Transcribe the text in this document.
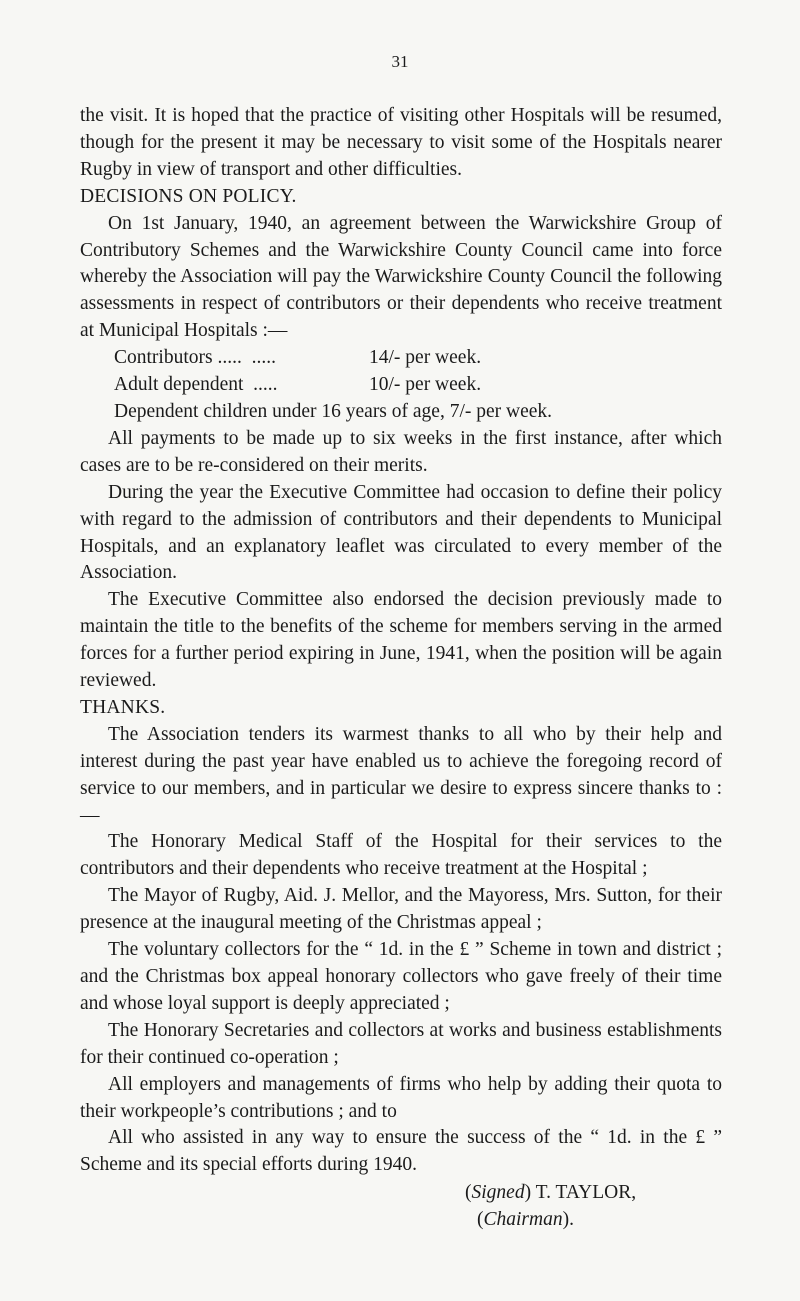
31

the visit. It is hoped that the practice of visiting other Hospitals will be resumed, though for the present it may be necessary to visit some of the Hospitals nearer Rugby in view of transport and other difficulties.

DECISIONS ON POLICY.

On 1st January, 1940, an agreement between the Warwickshire Group of Contributory Schemes and the Warwickshire County Council came into force whereby the Association will pay the Warwickshire County Council the following assessments in respect of contributors or their dependents who receive treatment at Municipal Hospitals :—

Contributors .....  .....	14/- per week.
Adult dependent  .....	10/- per week.

Dependent children under 16 years of age, 7/- per week.

All payments to be made up to six weeks in the first instance, after which cases are to be re-considered on their merits.

During the year the Executive Committee had occasion to define their policy with regard to the admission of contributors and their dependents to Municipal Hospitals, and an explanatory leaflet was circulated to every member of the Association.

The Executive Committee also endorsed the decision previously made to maintain the title to the benefits of the scheme for members serving in the armed forces for a further period expiring in June, 1941, when the position will be again reviewed.

THANKS.

The Association tenders its warmest thanks to all who by their help and interest during the past year have enabled us to achieve the foregoing record of service to our members, and in particular we desire to express sincere thanks to :—

The Honorary Medical Staff of the Hospital for their services to the contributors and their dependents who receive treatment at the Hospital ;

The Mayor of Rugby, Aid. J. Mellor, and the Mayoress, Mrs. Sutton, for their presence at the inaugural meeting of the Christmas appeal ;

The voluntary collectors for the “ 1d. in the £ ” Scheme in town and district ; and the Christmas box appeal honorary collectors who gave freely of their time and whose loyal support is deeply appreciated ;

The Honorary Secretaries and collectors at works and business establishments for their continued co-operation ;

All employers and managements of firms who help by adding their quota to their workpeople’s contributions ; and to

All who assisted in any way to ensure the success of the “ 1d. in the £ ” Scheme and its special efforts during 1940.

(Signed) T. TAYLOR,
(Chairman).
